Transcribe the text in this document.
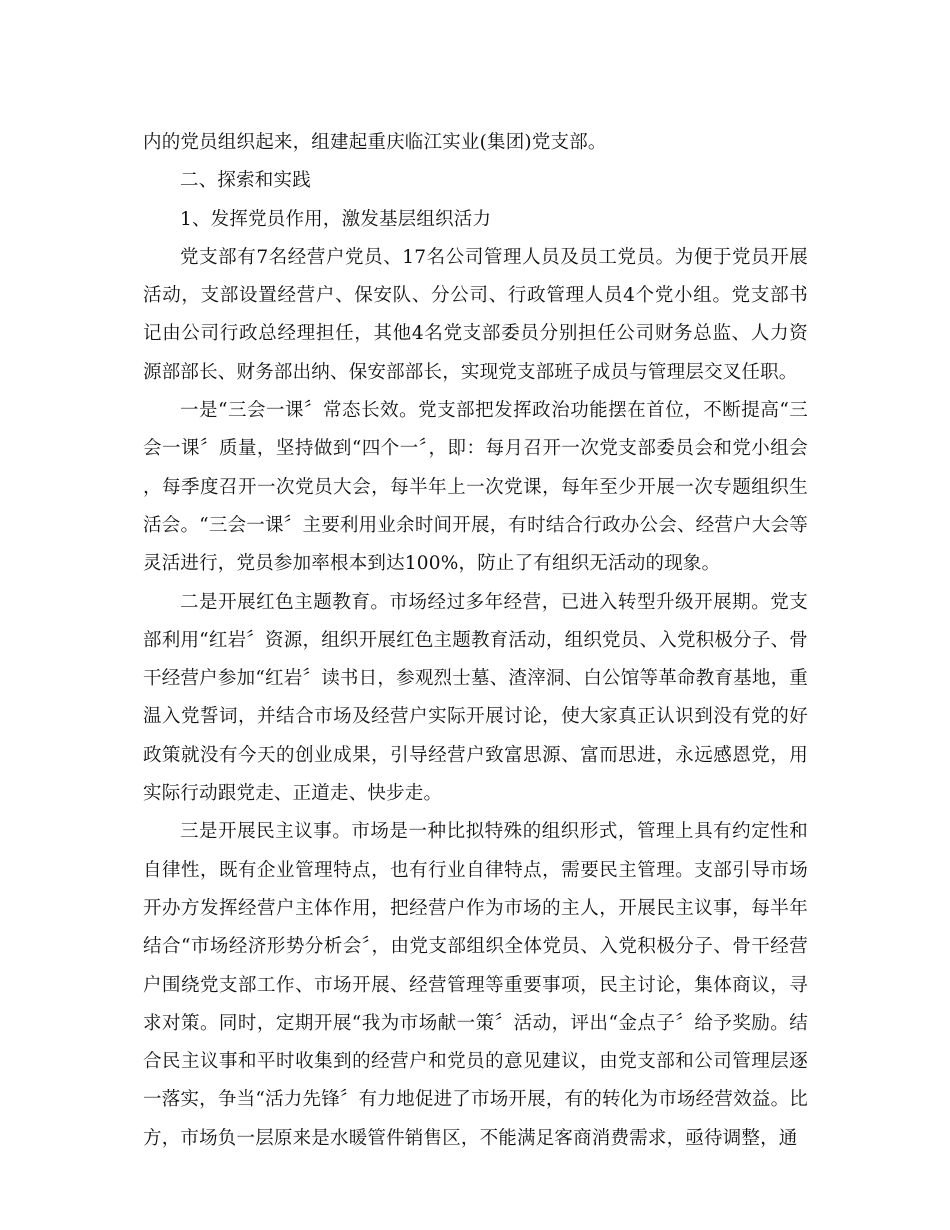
内的党员组织起来，组建起重庆临江实业(集团)党支部。

二、探索和实践

1、发挥党员作用，激发基层组织活力

党支部有7名经营户党员、17名公司管理人员及员工党员。为便于党员开展活动，支部设置经营户、保安队、分公司、行政管理人员4个党小组。党支部书记由公司行政总经理担任，其他4名党支部委员分别担任公司财务总监、人力资源部部长、财务部出纳、保安部部长，实现党支部班子成员与管理层交叉任职。

一是“三会一课〞常态长效。党支部把发挥政治功能摆在首位，不断提高“三会一课〞质量，坚持做到“四个一〞，即：每月召开一次党支部委员会和党小组会，每季度召开一次党员大会，每半年上一次党课，每年至少开展一次专题组织生活会。“三会一课〞主要利用业余时间开展，有时结合行政办公会、经营户大会等灵活进行，党员参加率根本到达100%，防止了有组织无活动的现象。

二是开展红色主题教育。市场经过多年经营，已进入转型升级开展期。党支部利用“红岩〞资源，组织开展红色主题教育活动，组织党员、入党积极分子、骨干经营户参加“红岩〞读书日，参观烈士墓、渣滓洞、白公馆等革命教育基地，重温入党誓词，并结合市场及经营户实际开展讨论，使大家真正认识到没有党的好政策就没有今天的创业成果，引导经营户致富思源、富而思进，永远感恩党，用实际行动跟党走、正道走、快步走。

三是开展民主议事。市场是一种比拟特殊的组织形式，管理上具有约定性和自律性，既有企业管理特点，也有行业自律特点，需要民主管理。支部引导市场开办方发挥经营户主体作用，把经营户作为市场的主人，开展民主议事，每半年结合“市场经济形势分析会〞，由党支部组织全体党员、入党积极分子、骨干经营户围绕党支部工作、市场开展、经营管理等重要事项，民主讨论，集体商议，寻求对策。同时，定期开展“我为市场献一策〞活动，评出“金点子〞给予奖励。结合民主议事和平时收集到的经营户和党员的意见建议，由党支部和公司管理层逐一落实，争当“活力先锋〞有力地促进了市场开展，有的转化为市场经营效益。比方，市场负一层原来是水暖管件销售区，不能满足客商消费需求，亟待调整，通
